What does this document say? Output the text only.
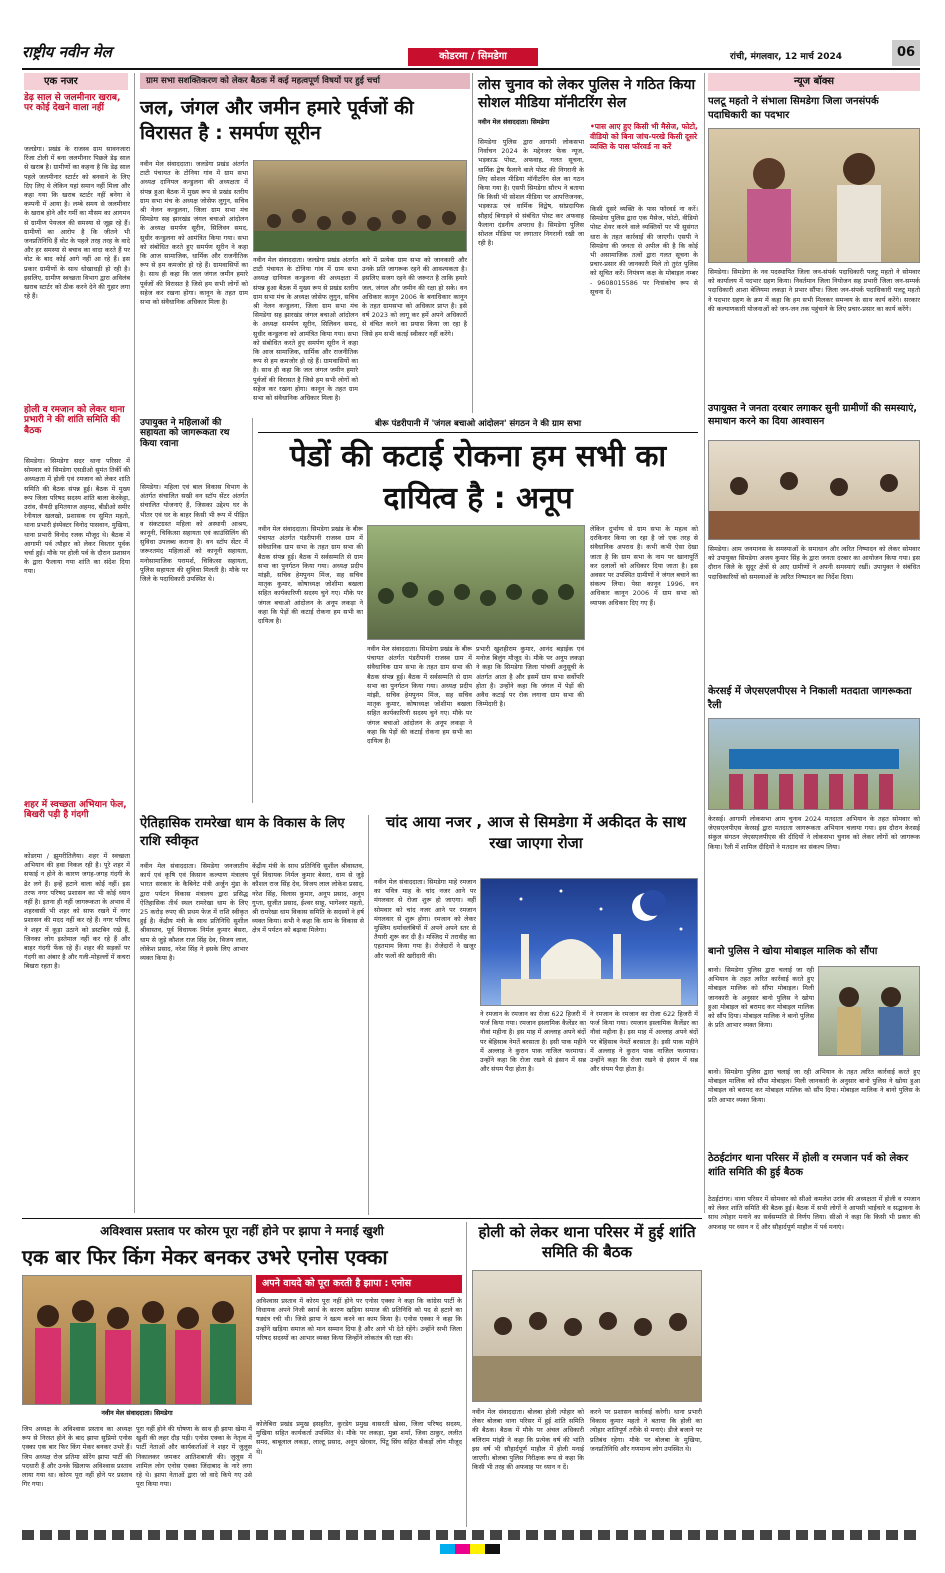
राष्ट्रीय नवीन मेल	कोडरमा / सिमडेगा	रांची, मंगलवार, 12 मार्च 2024	06
एक नजर
डेढ़ साल से जलमीनार खराब, पर कोई देखने वाला नहीं
जलडेगा। प्रखंड के राजस्व ग्राम सावनजारा रिंजा टोली में बना जलमीनार पिछले डेढ़ साल से खराब है। ग्रामीणों का कहना है कि डेढ़ साल पहले जलमीनार स्टार्टर को बनवाने के लिए दिए लिए थे लेकिन यहां समान नहीं मिला और कहा गया कि खराब स्टार्टर नहीं बनेगा वे कम्पनी में आया है। लम्बे समय से जलमीनार के खराब होने और गर्मी का मौसम का आगमन से ग्रामीण पेयजल की समस्या से जूझ रहे हैं। ग्रामीणों का आरोप है कि जीतने भी जनप्रतिनिधि हैं वोट के पहले तरह तरह के वादे और हर समस्या से बचाव का वादा करते हैं पर वोट के बाद कोई आगे नहीं आ रहे हैं। इस प्रकार ग्रामीणों के साथ धोखाधड़ी हो रही है। इसलिए, ग्रामीण स्वच्छता विभाग द्वारा अविलंब खराब स्टार्टर को ठीक करने देने की गुहार लगा रहे हैं।
होली व रमजान को लेकर थाना प्रभारी ने की शांति समिति की बैठक
सिमडेगा। सिमडेगा सदर थाना परिसर में सोमवार को सिमडेगा एसडीओ सुमंत तिर्की की अध्यक्षता में होली एवं रमजान को लेकर शांति समिति की बैठक संपन्न हुई। बैठक में मुख्य रूप जिला परिषद सदस्य शांति बाला केरकेट्टा, उरांव, सैयदी इमितयाज अहमद, बीडीओ समीर रेनीयाल खलखो, प्रशासक रय सुमित महतो, थाना प्रभारी इंस्पेक्टर विनोद पासवान, मुखिया, थाना प्रभारी विनोद रजक मौजूद थे। बैठक में आगामी पर्व त्यौहार को लेकर विस्तार पूर्वक चर्चा हुई। मौके पर होली पर्व के दौरान प्रशासन के द्वारा फैलाया गया शांति का संदेश दिया गया।
शहर में स्वच्छता अभियान फेल, बिखरी पड़ी है गंदगी
कोडरमा / झुमरीतिलैया। शहर में स्वच्छता अभियान की हवा निकल रही है। पूरे शहर में सफाई न होने के कारण जगह-जगह गंदगी के ढेर लगे हैं। इन्हें हटाने वाला कोई नहीं। इस तरफ नगर परिषद प्रशासन का भी कोई ध्यान नहीं है। इतना ही नहीं जागरूकता के अभाव में शहरवासी भी शहर को साफ रखने में नगर प्रशासन की मदद नहीं कर रहे हैं। नगर परिषद ने शहर में कूड़ा उठाने को डस्टबिन रखे हैं, जिनका लोग इस्तेमाल नहीं कर रहे हैं और बाहर गंदगी फेंक रहे हैं। शहर की सड़कों पर गंदगी का अंबार है और गली-मोहल्लों में कचरा बिखरा रहता है।
ग्राम सभा सशक्तिकरण को लेकर बैठक में कई महत्वपूर्ण विषयों पर हुई चर्चा
जल, जंगल और जमीन हमारे पूर्वजों की विरासत है : समर्पण सूरीन
नवीन मेल संवाददाता। जलडेगा प्रखंड अंतर्गत टाटी पंचायत के टोनिया गांव में ग्राम सभा अध्यक्ष दानियल कन्डुलना की अध्यक्षता में संपन्न हुआ बैठक में मुख्य रूप से प्रखंड स्तरीय ग्राम सभा मंच के अध्यक्ष जोसेफ लुगुन, सचिव श्री नेलन कन्डुलना, जिला ग्राम सभा मंच सिमडेगा सह झारखंड जंगल बचाओ आंदोलन के अध्यक्ष समर्पण सूरीन, सिलिवन समद, सुधीर कन्डुलना को आमंत्रित किया गया। सभा को संबोधित करते हुए समर्पण सूरीन ने कहा कि आज सामाजिक, धार्मिक और राजनीतिक रूप से हम कमजोर हो रहे हैं। ग्रामवासियों का है। साथ ही कहा कि जल जंगल जमीन हमारे पूर्वजों की विरासत है जिसे हम सभी लोगों को सहेज कर रखना होगा। कानून के तहत ग्राम सभा को संवैधानिक अधिकार मिला है।
नवीन मेल संवाददाता। जलडेगा प्रखंड अंतर्गत टाटी पंचायत के टोनिया गांव में ग्राम सभा अध्यक्ष दानियल कन्डुलना की अध्यक्षता में संपन्न हुआ बैठक में मुख्य रूप से प्रखंड स्तरीय ग्राम सभा मंच के अध्यक्ष जोसेफ लुगुन, सचिव श्री नेलन कन्डुलना, जिला ग्राम सभा मंच सिमडेगा सह झारखंड जंगल बचाओ आंदोलन के अध्यक्ष समर्पण सूरीन, सिलिवन समद, सुधीर कन्डुलना को आमंत्रित किया गया। सभा को संबोधित करते हुए समर्पण सूरीन ने कहा कि आज सामाजिक, धार्मिक और राजनीतिक रूप से हम कमजोर हो रहे हैं। ग्रामवासियों का है। साथ ही कहा कि जल जंगल जमीन हमारे पूर्वजों की विरासत है जिसे हम सभी लोगों को सहेज कर रखना होगा। कानून के तहत ग्राम सभा को संवैधानिक अधिकार मिला है।
बारे में प्रत्येक ग्राम सभा को जानकारी और उनके प्रति जागरूक रहने की आवश्यकता है। इसलिए सजग रहने की जरूरत है ताकि हमारे जल, जंगल और जमीन की रक्षा हो सके। वन अधिकार कानून 2006 के बनाधिकार कानून के तहत ग्रामसभा को अधिकार प्राप्त है। इसे वर्ष 2023 को लागू कर हमें अपने अधिकारों से वंचित करने का प्रयास किया जा रहा है जिसे हम सभी कतई स्वीकार नहीं करेंगे।
लोस चुनाव को लेकर पुलिस ने गठित किया सोशल मीडिया मॉनीटरिंग सेल
नवीन मेल संवाददाता। सिमडेगा
सिमडेगा पुलिस द्वारा आगामी लोकसभा निर्वाचन 2024 के मद्देनजर फेक न्यूज, भड़काऊ पोस्ट, अफवाह, गलत सूचना, धार्मिक द्वेष फैलाने वाले पोस्ट की निगरानी के लिए सोशल मीडिया मॉनीटरिंग सेल का गठन किया गया है। एसपी सिमडेगा सौरभ ने बताया कि किसी भी सोशल मीडिया पर आपत्तिजनक, भड़काऊ एवं धार्मिक विद्वेष, सांप्रदायिक सौहार्द बिगाड़ने से संबंधित पोस्ट कर अफवाह फैलाना दंडनीय अपराध है। सिमडेगा पुलिस सोशल मीडिया पर लगातार निगरानी रखी जा रही है।
•पास आए हुए किसी भी मैसेज, फोटो, वीडियो को बिना जांच-परखे किसी दूसरे व्यक्ति के पास फॉरवर्ड ना करें
किसी दूसरे व्यक्ति के पास फॉरवर्ड ना करें। सिमडेगा पुलिस द्वारा एक मैसेज, फोटो, वीडियो पोस्ट शेयर करने वाले व्यक्तियों पर भी सुसंगत धारा के तहत कार्रवाई की जाएगी। एसपी ने सिमडेगा की जनता से अपील की है कि कोई भी असामाजिक तत्वों द्वारा गलत सूचना के प्रचार-प्रसार की जानकारी मिले तो तुरंत पुलिस को सूचित करें। नियंत्रण कक्ष के मोबाइल नम्बर - 9608015586 पर निःसंकोच रूप से सूचना दें।
उपायुक्त ने महिलाओं की सहायता को जागरूकता रथ किया रवाना
सिमडेगा। महिला एवं बाल विकास विभाग के अंतर्गत संचालित सखी वन स्टॉप सेंटर अंतर्गत संचालित योजनाएं हैं, जिसका उद्देश्य घर के भीतर एवं घर के बाहर किसी भी रूप में पीड़ित व संकटग्रस्त महिला को अस्थायी आश्रय, कानूनी, चिकित्सा सहायता एवं काउंसिलिंग की सुविधा उपलब्ध कराना है। वन स्टॉप सेंटर में जरूरतमंद महिलाओं को कानूनी सहायता, मनोसामाजिक परामर्श, चिकित्सा सहायता, पुलिस सहायता की सुविधा मिलती है। मौके पर जिले के पदाधिकारी उपस्थित थे।
बीरू पंडरीपानी में 'जंगल बचाओ आंदोलन' संगठन ने की ग्राम सभा
पेडों की कटाई रोकना हम सभी का दायित्व है : अनूप
नवीन मेल संवाददाता। सिमडेगा प्रखंड के बीरू पंचायत अंतर्गत पंडरीपानी राजस्व ग्राम में संवैधानिक ग्राम सभा के तहत ग्राम सभा की बैठक संपन्न हुई। बैठक में सर्वसम्मति से ग्राम सभा का पुनर्गठन किया गया। अध्यक्ष प्रदीप मांझी, सचिव हेमपुनम मिंज, सह सचिव मातृक कुमार, कोषाध्यक्ष जोशीमा बखला सहित कार्यकारिणी सदस्य चुने गए। मौके पर जंगल बचाओ आंदोलन के अनूप लकड़ा ने कहा कि पेड़ों की कटाई रोकना हम सभी का दायित्व है।
प्रभारी खुशहीराम कुमार, आनंद बड़ाईक एवं मनोज बिलुंग मौजूद थे। मौके पर अनूप लकड़ा ने कहा कि सिमडेगा जिला पांचवीं अनुसूची के अंतर्गत आता है और इसमें ग्राम सभा सर्वोपरि होता है। उन्होंने कहा कि जंगल में पेड़ों की अवैध कटाई पर रोक लगाना ग्राम सभा की जिम्मेदारी है।
नवीन मेल संवाददाता। सिमडेगा प्रखंड के बीरू पंचायत अंतर्गत पंडरीपानी राजस्व ग्राम में संवैधानिक ग्राम सभा के तहत ग्राम सभा की बैठक संपन्न हुई। बैठक में सर्वसम्मति से ग्राम सभा का पुनर्गठन किया गया। अध्यक्ष प्रदीप मांझी, सचिव हेमपुनम मिंज, सह सचिव मातृक कुमार, कोषाध्यक्ष जोशीमा बखला सहित कार्यकारिणी सदस्य चुने गए। मौके पर जंगल बचाओ आंदोलन के अनूप लकड़ा ने कहा कि पेड़ों की कटाई रोकना हम सभी का दायित्व है।
लेकिन दुर्भाग्य से ग्राम सभा के महत्व को दरकिनार किया जा रहा है जो एक तरह से संवैधानिक अपराध है। कभी कभी ऐसा देखा जाता है कि ग्राम सभा के नाम पर खानापूर्ति कर दलालों को अधिकार दिया जाता है। इस अवसर पर उपस्थित ग्रामीणों ने जंगल बचाने का संकल्प लिया। पेसा कानून 1996, वन अधिकार कानून 2006 में ग्राम सभा को व्यापक अधिकार दिए गए हैं।
ऐतिहासिक रामरेखा धाम के विकास के लिए राशि स्वीकृत
नवीन मेल संवाददाता। सिमडेगा जनजातीय कार्य एवं कृषि एवं किसान कल्याण मंत्रालय भारत सरकार के कैबिनेट मंत्री अर्जुन मुंडा के द्वारा पर्यटन विकास मंत्रालय द्वारा प्रसिद्ध ऐतिहासिक तीर्थ स्थल रामरेखा धाम के लिए 25 करोड़ रुपए की प्रथम फेज में राशि स्वीकृत हुई है। केंद्रीय मंत्री के साथ प्रतिनिधि सुशील श्रीवास्तव, पूर्व विधायक निर्मल कुमार बेसरा, धाम से जुड़े कौशल राज सिंह देव, विजय लाल, लोकेश प्रसाद, नरेश सिंह ने इसके लिए आभार व्यक्त किया है।
केंद्रीय मंत्री के साथ प्रतिनिधि सुशील श्रीवास्तव, पूर्व विधायक निर्मल कुमार बेसरा, धाम से जुड़े कौशल राज सिंह देव, विजय लाल लोकेश प्रसाद, नरेश सिंह, विलास कुमार, अनूप प्रसाद, अनूप गुप्ता, सुजीत प्रसाद, ईश्वर साहू, भागेश्वर महतो, श्री रामरेखा धाम विकास समिति के सदस्यों ने हर्ष व्यक्त किया। सभी ने कहा कि धाम के विकास से क्षेत्र में पर्यटन को बढ़ावा मिलेगा।
चांद आया नजर , आज से सिमडेगा में अकीदत के साथ रखा जाएगा रोजा
नवीन मेल संवाददाता। सिमडेगा माहे रमजान का पवित्र माह के चांद नजर आने पर मंगलवार से रोजा शुरू हो जाएगा। वहीं सोमवार को चांद नजर आने पर रमजान मंगलवार से शुरू होगा। रमजान को लेकर मुस्लिम धर्मावलंबियों में अपने अपने स्तर से तैयारी शुरू कर दी है। मस्जिद में तरावीह का एहतमाम किया गया है। रोजेदारों ने खजूर और फलों की खरीदारी की।
ने रमजान के रमजान का रोजा 622 हिजरी में फर्ज किया गया। रमजान इस्लामिक कैलेंडर का नौवां महीना है। इस माह में अल्लाह अपने बंदों पर बेहिसाब नेमतें बरसाता है। इसी पाक महीने में अल्लाह ने कुरान पाक नाजिल फरमाया। उन्होंने कहा कि रोजा रखने से इंसान में सब्र और संयम पैदा होता है।
ने रमजान के रमजान का रोजा 622 हिजरी में फर्ज किया गया। रमजान इस्लामिक कैलेंडर का नौवां महीना है। इस माह में अल्लाह अपने बंदों पर बेहिसाब नेमतें बरसाता है। इसी पाक महीने में अल्लाह ने कुरान पाक नाजिल फरमाया। उन्होंने कहा कि रोजा रखने से इंसान में सब्र और संयम पैदा होता है।
न्यूज बॉक्स
पलटू महतो ने संभाला सिमडेगा जिला जनसंपर्क पदाधिकारी का पदभार
सिमडेगा। सिमडेगा के नव पदस्थापित जिला जन-संपर्क पदाधिकारी पलटू महतो ने सोमवार को कार्यालय में पदभार ग्रहण किया। निवर्तमान जिला नियोजन सह प्रभारी जिला जन-सम्पर्क पदाधिकारी आशा बेलियमा लकड़ा ने प्रभार सौंपा। जिला जन-संपर्क पदाधिकारी पलटू महतो ने पदभार ग्रहण के क्रम में कहा कि हम सभी मिलकर समन्वय के साथ कार्य करेंगे। सरकार की कल्याणकारी योजनाओं को जन-जन तक पहुंचाने के लिए प्रचार-प्रसार का कार्य करेंगे।
उपायुक्त ने जनता दरबार लगाकर सुनी ग्रामीणों की समस्याएं, समाधान करने का दिया आश्वासन
सिमडेगा। आम जनमानस के समस्याओं के समाधान और त्वरित निष्पादन को लेकर सोमवार को उपायुक्त सिमडेगा अजय कुमार सिंह के द्वारा जनता दरबार का आयोजन किया गया। इस दौरान जिले के सुदूर क्षेत्रों से आए ग्रामीणों ने अपनी समस्याएं रखीं। उपायुक्त ने संबंधित पदाधिकारियों को समस्याओं के त्वरित निष्पादन का निर्देश दिया।
केरसई में जेएसएलपीएस ने निकाली मतदाता जागरूकता रैली
केरसई। आगामी लोकसभा आम चुनाव 2024 मतदाता अभियान के तहत सोमवार को जेएसएलपीएस केरसई द्वारा मतदाता जागरूकता अभियान चलाया गया। इस दौरान केरसई संकुल संगठन जेएसएलपीएस की दीदियों ने लोकसभा चुनाव को लेकर लोगों को जागरूक किया। रैली में शामिल दीदियों ने मतदान का संकल्प लिया।
बानो पुलिस ने खोया मोबाइल मालिक को सौंपा
बानो। सिमडेगा पुलिस द्वारा चलाई जा रही अभियान के तहत त्वरित कार्रवाई करते हुए मोबाइल मालिक को सौंपा मोबाइल। मिली जानकारी के अनुसार बानो पुलिस ने खोया हुआ मोबाइल को बरामद कर मोबाइल मालिक को सौंप दिया। मोबाइल मालिक ने बानो पुलिस के प्रति आभार व्यक्त किया।
बानो। सिमडेगा पुलिस द्वारा चलाई जा रही अभियान के तहत त्वरित कार्रवाई करते हुए मोबाइल मालिक को सौंपा मोबाइल। मिली जानकारी के अनुसार बानो पुलिस ने खोया हुआ मोबाइल को बरामद कर मोबाइल मालिक को सौंप दिया। मोबाइल मालिक ने बानो पुलिस के प्रति आभार व्यक्त किया।
ठेठईटांगर थाना परिसर में होली व रमजान पर्व को लेकर शांति समिति की हुई बैठक
ठेठईटांगर। थाना परिसर में सोमवार को सीओ कमलेश उरांव की अध्यक्षता में होली व रमजान को लेकर शांति समिति की बैठक हुई। बैठक में सभी लोगों ने आपसी भाईचारे व सद्भावना के साथ त्योहार मनाने का सर्वसम्मति से निर्णय लिया। सीओ ने कहा कि किसी भी प्रकार की अफवाह पर ध्यान न दें और सौहार्दपूर्ण माहौल में पर्व मनाएं।
अविश्वास प्रस्ताव पर कोरम पूरा नहीं होने पर झापा ने मनाई खुशी
एक बार फिर किंग मेकर बनकर उभरे एनोस एक्का
नवीन मेल संवाददाता। सिमडेगा
जिप अध्यक्ष के अविश्वास प्रस्ताव का अध्यक्ष रूप से निरस्त होने के बाद झापा सुप्रिमो एनोस एक्का एक बार फिर किंग मेकर बनकर उभरे हैं। जिप अध्यक्ष रोज प्रतिमा सोरेंग झापा पार्टी की पदधारी हैं और उनके खिलाफ अविश्वास प्रस्ताव लाया गया था। कोरम पूरा नहीं होने पर प्रस्ताव गिर गया।
पूरा नहीं होने की घोषणा के साथ ही झापा खेमा में खुशी की लहर दौड़ पड़ी। एनोस एक्का के नेतृत्व में पार्टी नेताओं और कार्यकर्ताओं ने शहर में जुलूस निकालकर जमकर आतिशबाजी की। जुलूस में शामिल लोग एनोस एक्का जिंदाबाद के नारे लगा रहे थे। झापा नेताओं द्वारा जो वादे किये गए उसे पूरा किया गया।
अपने वायदे को पूरा करती है झापा : एनोस
अविश्वास प्रस्ताव में कोरम पूरा नहीं होने पर एनोस एक्का ने कहा कि कांग्रेस पार्टी के विधायक अपने निजी स्वार्थ के कारण खड़िया समाज की प्रतिनिधि को पद से हटाने का षड्यंत्र रची थी। जिसे झापा ने खत्म करने का काम किया है। एनोस एक्का ने कहा कि उन्होंने खड़िया समाज को मान सम्मान दिया है और आगे भी देते रहेंगे। उन्होंने सभी जिला परिषद सदस्यों का आभार व्यक्त किया जिन्होंने लोकतंत्र की रक्षा की।
कोलेबिरा प्रखंड प्रमुख इसहरित, कुरडेग प्रमुख वासरती खेस्स, जिला परिषद सदस्य, मुखिया सहित कार्यकर्ता उपस्थित थे। मौके पर लकड़ा, मुन्ना शर्मा, जिवा ठाकुर, ललीत समद, बाबूलाल लकड़ा, लाल्टू प्रसाद, अनूप खेरवार, पिंटू सिंघ सहित सैकड़ों लोग मौजूद थे।
होली को लेकर थाना परिसर में हुई शांति समिति की बैठक
नवीन मेल संवाददाता। बोलबा होली त्योहार को लेकर बोलबा थाना परिसर में हुई शांति समिति की बैठक। बैठक में मौके पर अंचल अधिकारी बलिराम मांझी ने कहा कि प्रत्येक वर्ष की भांति इस वर्ष भी सौहार्दपूर्ण माहौल में होली मनाई जाएगी। बोलबा पुलिस निरीक्षक रूप से कहा कि किसी भी तरह की अफवाह पर ध्यान न दें।
करने पर प्रशासन कार्रवाई करेगी। थाना प्रभारी विकास कुमार महतो ने बताया कि होली का त्योहार शांतिपूर्ण तरीके से मनाएं। डीजे बजाने पर प्रतिबंध रहेगा। मौके पर बोलबा के मुखिया, जनप्रतिनिधि और गणमान्य लोग उपस्थित थे।
